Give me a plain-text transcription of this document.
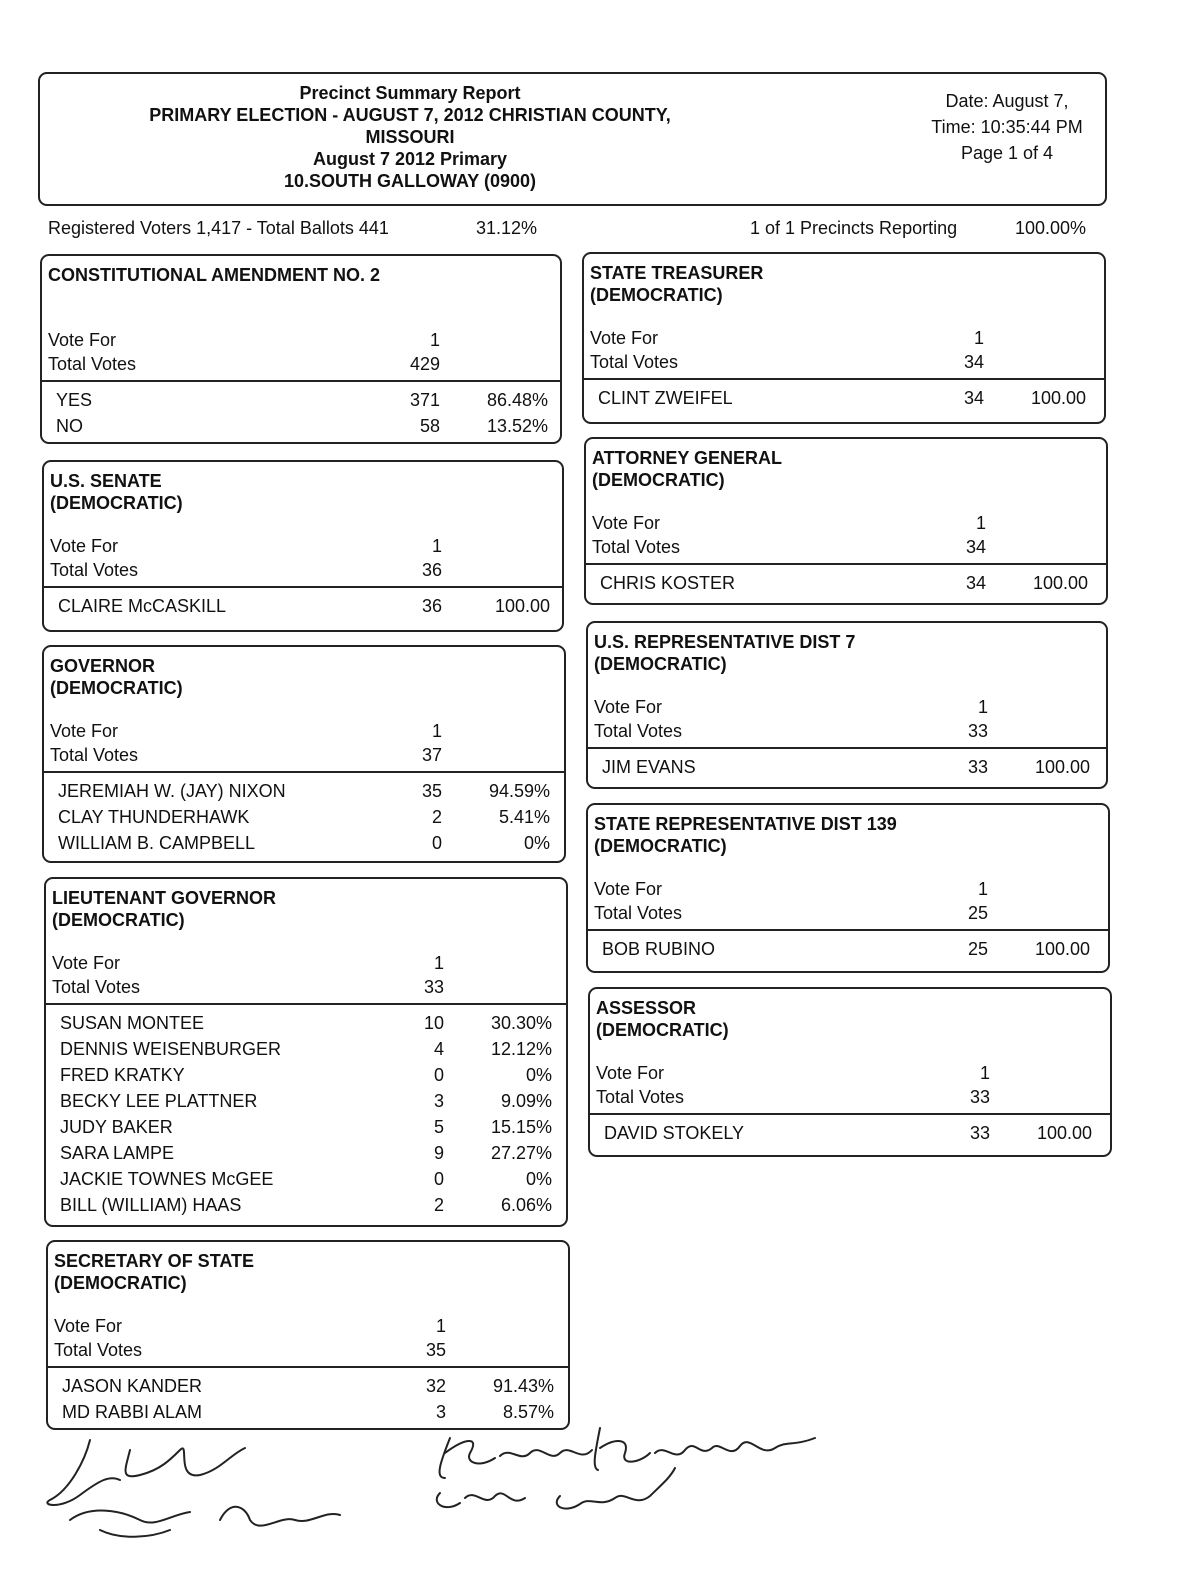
Precinct Summary Report
PRIMARY ELECTION - AUGUST 7, 2012 CHRISTIAN COUNTY,
MISSOURI
August 7 2012 Primary
10.SOUTH GALLOWAY (0900)
Date: August 7,
Time: 10:35:44 PM
Page 1 of 4
Registered Voters 1,417 - Total Ballots 441	31.12%	1 of 1 Precincts Reporting	100.00%
CONSTITUTIONAL AMENDMENT NO. 2
Vote For	1
Total Votes	429
YES	371	86.48%
NO	58	13.52%
U.S. SENATE
(DEMOCRATIC)
Vote For	1
Total Votes	36
CLAIRE McCASKILL	36	100.00
GOVERNOR
(DEMOCRATIC)
Vote For	1
Total Votes	37
JEREMIAH W. (JAY) NIXON	35	94.59%
CLAY THUNDERHAWK	2	5.41%
WILLIAM B. CAMPBELL	0	0%
LIEUTENANT GOVERNOR
(DEMOCRATIC)
Vote For	1
Total Votes	33
SUSAN MONTEE	10	30.30%
DENNIS WEISENBURGER	4	12.12%
FRED KRATKY	0	0%
BECKY LEE PLATTNER	3	9.09%
JUDY BAKER	5	15.15%
SARA LAMPE	9	27.27%
JACKIE TOWNES McGEE	0	0%
BILL (WILLIAM) HAAS	2	6.06%
SECRETARY OF STATE
(DEMOCRATIC)
Vote For	1
Total Votes	35
JASON KANDER	32	91.43%
MD RABBI ALAM	3	8.57%
STATE TREASURER
(DEMOCRATIC)
Vote For	1
Total Votes	34
CLINT ZWEIFEL	34	100.00
ATTORNEY GENERAL
(DEMOCRATIC)
Vote For	1
Total Votes	34
CHRIS KOSTER	34	100.00
U.S. REPRESENTATIVE DIST 7
(DEMOCRATIC)
Vote For	1
Total Votes	33
JIM EVANS	33	100.00
STATE REPRESENTATIVE DIST 139
(DEMOCRATIC)
Vote For	1
Total Votes	25
BOB RUBINO	25	100.00
ASSESSOR
(DEMOCRATIC)
Vote For	1
Total Votes	33
DAVID STOKELY	33	100.00
